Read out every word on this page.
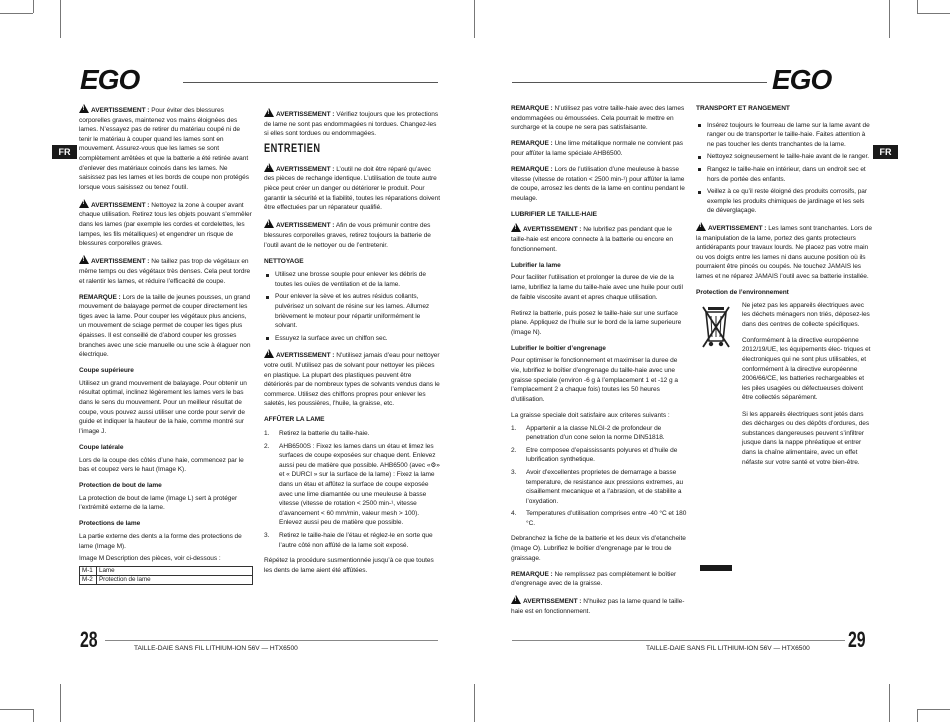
EGO	EGO
FR	FR

!AVERTISSEMENT : Pour éviter des blessures corporelles graves, maintenez vos mains éloignées des lames. N’essayez pas de retirer du matériau coupé ni de tenir le matériau à couper quand les lames sont en mouvement. Assurez-vous que les lames se sont complètement arrêtées et que la batterie a été retirée avant d’enlever des matériaux coincés dans les lames. Ne saisissez pas les lames et les bords de coupe non protégés lorsque vous saisissez ou tenez l’outil.

!AVERTISSEMENT : Nettoyez la zone à couper avant chaque utilisation. Retirez tous les objets pouvant s’emmêler dans les lames (par exemple les cordes et cordelettes, les lampes, les fils métalliques) et engendrer un risque de blessures corporelles graves.

!AVERTISSEMENT : Ne taillez pas trop de végétaux en même temps ou des végétaux très denses. Cela peut tordre et ralentir les lames, et réduire l’efficacité de coupe.

REMARQUE : Lors de la taille de jeunes pousses, un grand mouvement de balayage permet de couper directement les tiges avec la lame. Pour couper les végétaux plus anciens, un mouvement de sciage permet de couper les tiges plus épaisses. Il est conseillé de d’abord couper les grosses branches avec une scie manuelle ou une scie à élaguer non électrique.

Coupe supérieure

Utilisez un grand mouvement de balayage. Pour obtenir un résultat optimal, inclinez légèrement les lames vers le bas dans le sens du mouvement. Pour un meilleur résultat de coupe, vous pouvez aussi utiliser une corde pour servir de guide et indiquer la hauteur de la haie, comme montré sur l’image J.

Coupe latérale

Lors de la coupe des côtés d’une haie, commencez par le bas et coupez vers le haut (Image K).

Protection de bout de lame

La protection de bout de lame (Image L) sert à protéger l’extrémité externe de la lame.

Protections de lame

La partie externe des dents a la forme des protections de lame (Image M).

Image M Description des pièces, voir ci-dessous :
M-1	Lame
M-2	Protection de lame

!AVERTISSEMENT : Vérifiez toujours que les protections de lame ne sont pas endommagées ni tordues. Changez-les si elles sont tordues ou endommagées.

ENTRETIEN

!AVERTISSEMENT : L’outil ne doit être réparé qu’avec des pièces de rechange identique. L’utilisation de toute autre pièce peut créer un danger ou détériorer le produit. Pour garantir la sécurité et la fiabilité, toutes les réparations doivent être effectuées par un réparateur qualifié.

!AVERTISSEMENT : Afin de vous prémunir contre des blessures corporelles graves, retirez toujours la batterie de l’outil avant de le nettoyer ou de l’entretenir.

NETTOYAGE
Utilisez une brosse souple pour enlever les débris de toutes les ouïes de ventilation et de la lame.
Pour enlever la sève et les autres résidus collants, pulvérisez un solvant de résine sur les lames. Allumez brièvement le moteur pour répartir uniformément le solvant.
Essuyez la surface avec un chiffon sec.

!AVERTISSEMENT : N’utilisez jamais d’eau pour nettoyer votre outil. N’utilisez pas de solvant pour nettoyer les pièces en plastique. La plupart des plastiques peuvent être détériorés par de nombreux types de solvants vendus dans le commerce. Utilisez des chiffons propres pour enlever les saletés, les poussières, l’huile, la graisse, etc.

AFFÛTER LA LAME
1. Retirez la batterie du taille-haie.
2. AHB6500S : Fixez les lames dans un étau et limez les surfaces de coupe exposées sur chaque dent. Enlevez aussi peu de matière que possible. AHB6500 (avec «⚙» et « DURCI » sur la surface de la lame) : Fixez la lame dans un étau et affûtez la surface de coupe exposée avec une lime diamantée ou une meuleuse à basse vitesse (vitesse de rotation < 2500 min-¹, vitesse d’avancement < 60 mm/min, valeur mesh > 100). Enlevez aussi peu de matière que possible.
3. Retirez le taille-haie de l’étau et réglez-le en sorte que l’autre côté non affûté de la lame soit exposé.

Répétez la procédure susmentionnée jusqu’à ce que toutes les dents de lame aient été affûtées.

REMARQUE : N’utilisez pas votre taille-haie avec des lames endommagées ou émoussées. Cela pourrait le mettre en surcharge et la coupe ne sera pas satisfaisante.

REMARQUE : Une lime métallique normale ne convient pas pour affûter la lame spéciale AHB6500.

REMARQUE : Lors de l’utilisation d’une meuleuse à basse vitesse (vitesse de rotation < 2500 min-¹) pour affûter la lame de coupe, arrosez les dents de la lame en continu pendant le meulage.

LUBRIFIER LE TAILLE-HAIE

!AVERTISSEMENT : Ne lubrifiez pas pendant que le taille-haie est encore connecte à la batterie ou encore en fonctionnement.

Lubrifier la lame

Pour faciliter l’utilisation et prolonger la duree de vie de la lame, lubrifiez la lame du taille-haie avec une huile pour outil de faible viscosite avant et apres chaque utilisation.

Retirez la batterie, puis posez le taille-haie sur une surface plane. Appliquez de l’huile sur le bord de la lame superieure (Image N).

Lubrifier le boîtier d’engrenage

Pour optimiser le fonctionnement et maximiser la duree de vie, lubrifiez le boîtier d’engrenage du taille-haie avec une graisse speciale (environ -6 g à l’emplacement 1 et -12 g a l’emplacement 2 a chaque fois) toutes les 50 heures d’utilisation.

La graisse speciale doit satisfaire aux criteres suivants :

1. Appartenir a la classe NLGI-2 de profondeur de penetration d’un cone selon la norme DIN51818.
2. Etre composee d’epaississants polyures et d’huile de lubrification synthetique.
3. Avoir d’excellentes proprietes de demarrage a basse temperature, de resistance aux pressions extremes, au cisaillement mecanique et a l’abrasion, et de stabilite a l’oxydation.
4. Temperatures d’utilisation comprises entre -40 °C et 180 °C.

Debranchez la fiche de la batterie et les deux vis d’etancheite (Image O). Lubrifiez le boîtier d’engrenage par le trou de graissage.

REMARQUE : Ne remplissez pas complètement le boîtier d’engrenage avec de la graisse.

!AVERTISSEMENT : N’huilez pas la lame quand le taille-haie est en fonctionnement.

TRANSPORT ET RANGEMENT
Insérez toujours le fourreau de lame sur la lame avant de ranger ou de transporter le taille-haie. Faites attention à ne pas toucher les dents tranchantes de la lame.
Nettoyez soigneusement le taille-haie avant de le ranger.
Rangez le taille-haie en intérieur, dans un endroit sec et hors de portée des enfants.
Veillez à ce qu’il reste éloigné des produits corrosifs, par exemple les produits chimiques de jardinage et les sels de déverglaçage.

!AVERTISSEMENT : Les lames sont tranchantes. Lors de la manipulation de la lame, portez des gants protecteurs antidérapants pour travaux lourds. Ne placez pas votre main ou vos doigts entre les lames ni dans aucune position où ils pourraient être pincés ou coupés. Ne touchez JAMAIS les lames et ne réparez JAMAIS l’outil avec sa batterie installée.

Protection de l’environnement

Ne jetez pas les appareils électriques avec les déchets ménagers non triés, déposez-les dans des centres de collecte spécifiques.

Conformément à la directive européenne 2012/19/UE, les équipements élec- triques et électroniques qui ne sont plus utilisables, et conformément à la directive européenne 2006/66/CE, les batteries rechargeables et les piles usagées ou défectueuses doivent être collectés séparément.

Si les appareils électriques sont jetés dans des décharges ou des dépôts d’ordures, des substances dangereuses peuvent s’infiltrer jusque dans la nappe phréatique et entrer dans la chaîne alimentaire, avec un effet néfaste sur votre santé et votre bien-être.

28	TAILLE-DAIE SANS FIL LITHIUM-ION 56V — HTX6500	29
TAILLE-DAIE SANS FIL LITHIUM-ION 56V — HTX6500
